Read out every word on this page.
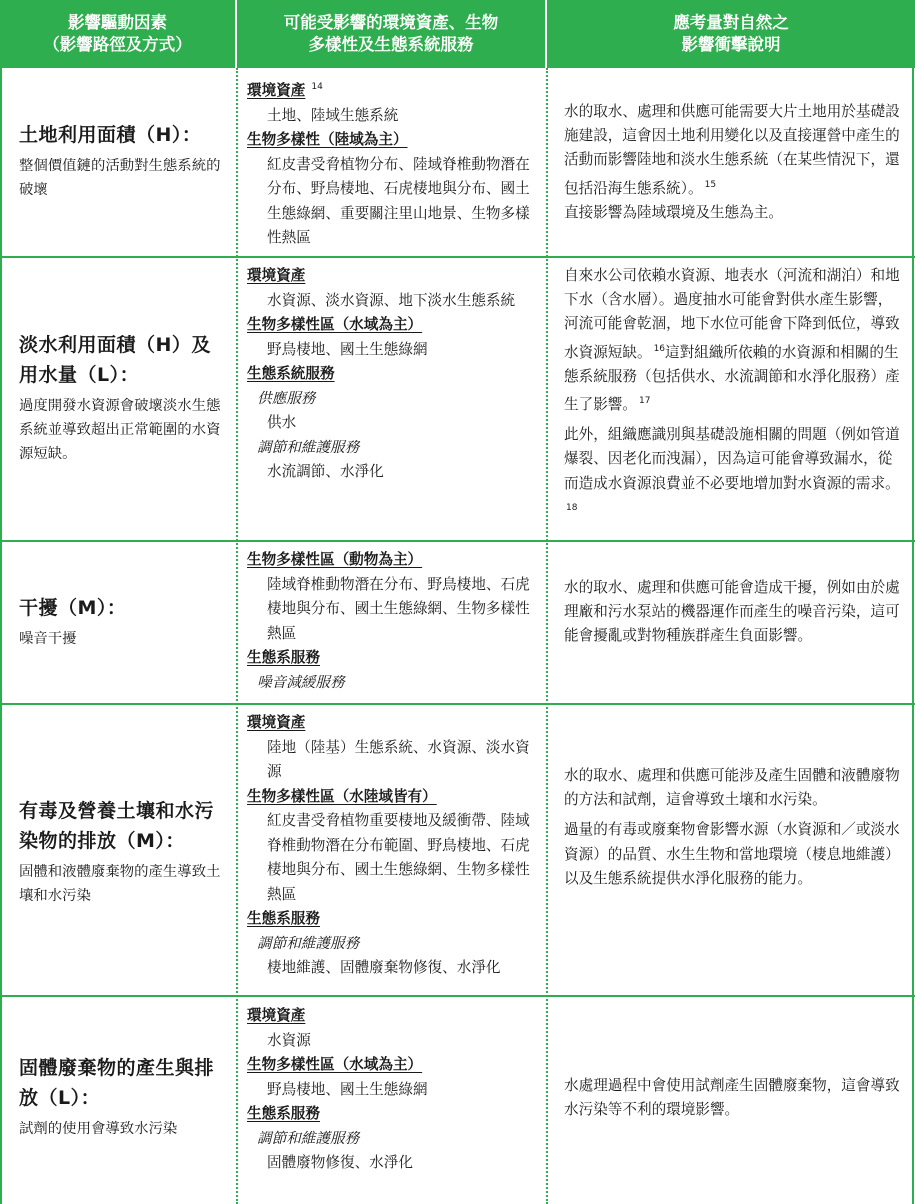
影響驅動因素
（影響路徑及方式）
可能受影響的環境資產、生物
多樣性及生態系統服務
應考量對自然之
影響衝擊說明
土地利用面積（H）：
整個價值鏈的活動對生態系統的破壞
環境資產 $^{14}$
土地、陸域生態系統
生物多樣性（陸域為主）
紅皮書受脅植物分布、陸域脊椎動物潛在分布、野鳥棲地、石虎棲地與分布、國土生態綠網、重要關注里山地景、生物多樣性熱區

水的取水、處理和供應可能需要大片土地用於基礎設施建設，這會因土地利用變化以及直接運營中產生的活動而影響陸地和淡水生態系統（在某些情況下，還包括沿海生態系統）。 $^{15}$
直接影響為陸域環境及生態為主。

淡水利用面積（H）及用水量（L）：
過度開發水資源會破壞淡水生態系統並導致超出正常範圍的水資源短缺。
環境資產
水資源、淡水資源、地下淡水生態系統
生物多樣性區（水域為主）
野鳥棲地、國土生態綠網
生態系統服務
供應服務
供水
調節和維護服務
水流調節、水淨化

自來水公司依賴水資源、地表水（河流和湖泊）和地下水（含水層）。過度抽水可能會對供水產生影響，河流可能會乾涸，地下水位可能會下降到低位，導致水資源短缺。 $^{16}$這對組織所依賴的水資源和相關的生態系統服務（包括供水、水流調節和水淨化服務）產生了影響。 $^{17}$

此外，組織應識別與基礎設施相關的問題（例如管道爆裂、因老化而洩漏），因為這可能會導致漏水，從而造成水資源浪費並不必要地增加對水資源的需求。$^{18}$

干擾（M）：
噪音干擾
生物多樣性區（動物為主）
陸域脊椎動物潛在分布、野鳥棲地、石虎棲地與分布、國土生態綠網、生物多樣性熱區
生態系服務
噪音減緩服務

水的取水、處理和供應可能會造成干擾，例如由於處理廠和污水泵站的機器運作而產生的噪音污染，這可能會擾亂或對物種族群產生負面影響。

有毒及營養土壤和水污染物的排放（M）：
固體和液體廢棄物的產生導致土壤和水污染
環境資產
陸地（陸基）生態系統、水資源、淡水資源
生物多樣性區（水陸域皆有）
紅皮書受脅植物重要棲地及緩衝帶、陸域脊椎動物潛在分布範圍、野鳥棲地、石虎棲地與分布、國土生態綠網、生物多樣性熱區
生態系服務
調節和維護服務
棲地維護、固體廢棄物修復、水淨化

水的取水、處理和供應可能涉及產生固體和液體廢物的方法和試劑，這會導致土壤和水污染。

過量的有毒或廢棄物會影響水源（水資源和／或淡水資源）的品質、水生生物和當地環境（棲息地維護）以及生態系統提供水淨化服務的能力。

固體廢棄物的產生與排放（L）：
試劑的使用會導致水污染
環境資產
水資源
生物多樣性區（水域為主）
野鳥棲地、國土生態綠網
生態系服務
調節和維護服務
固體廢物修復、水淨化

水處理過程中會使用試劑產生固體廢棄物，這會導致水污染等不利的環境影響。
